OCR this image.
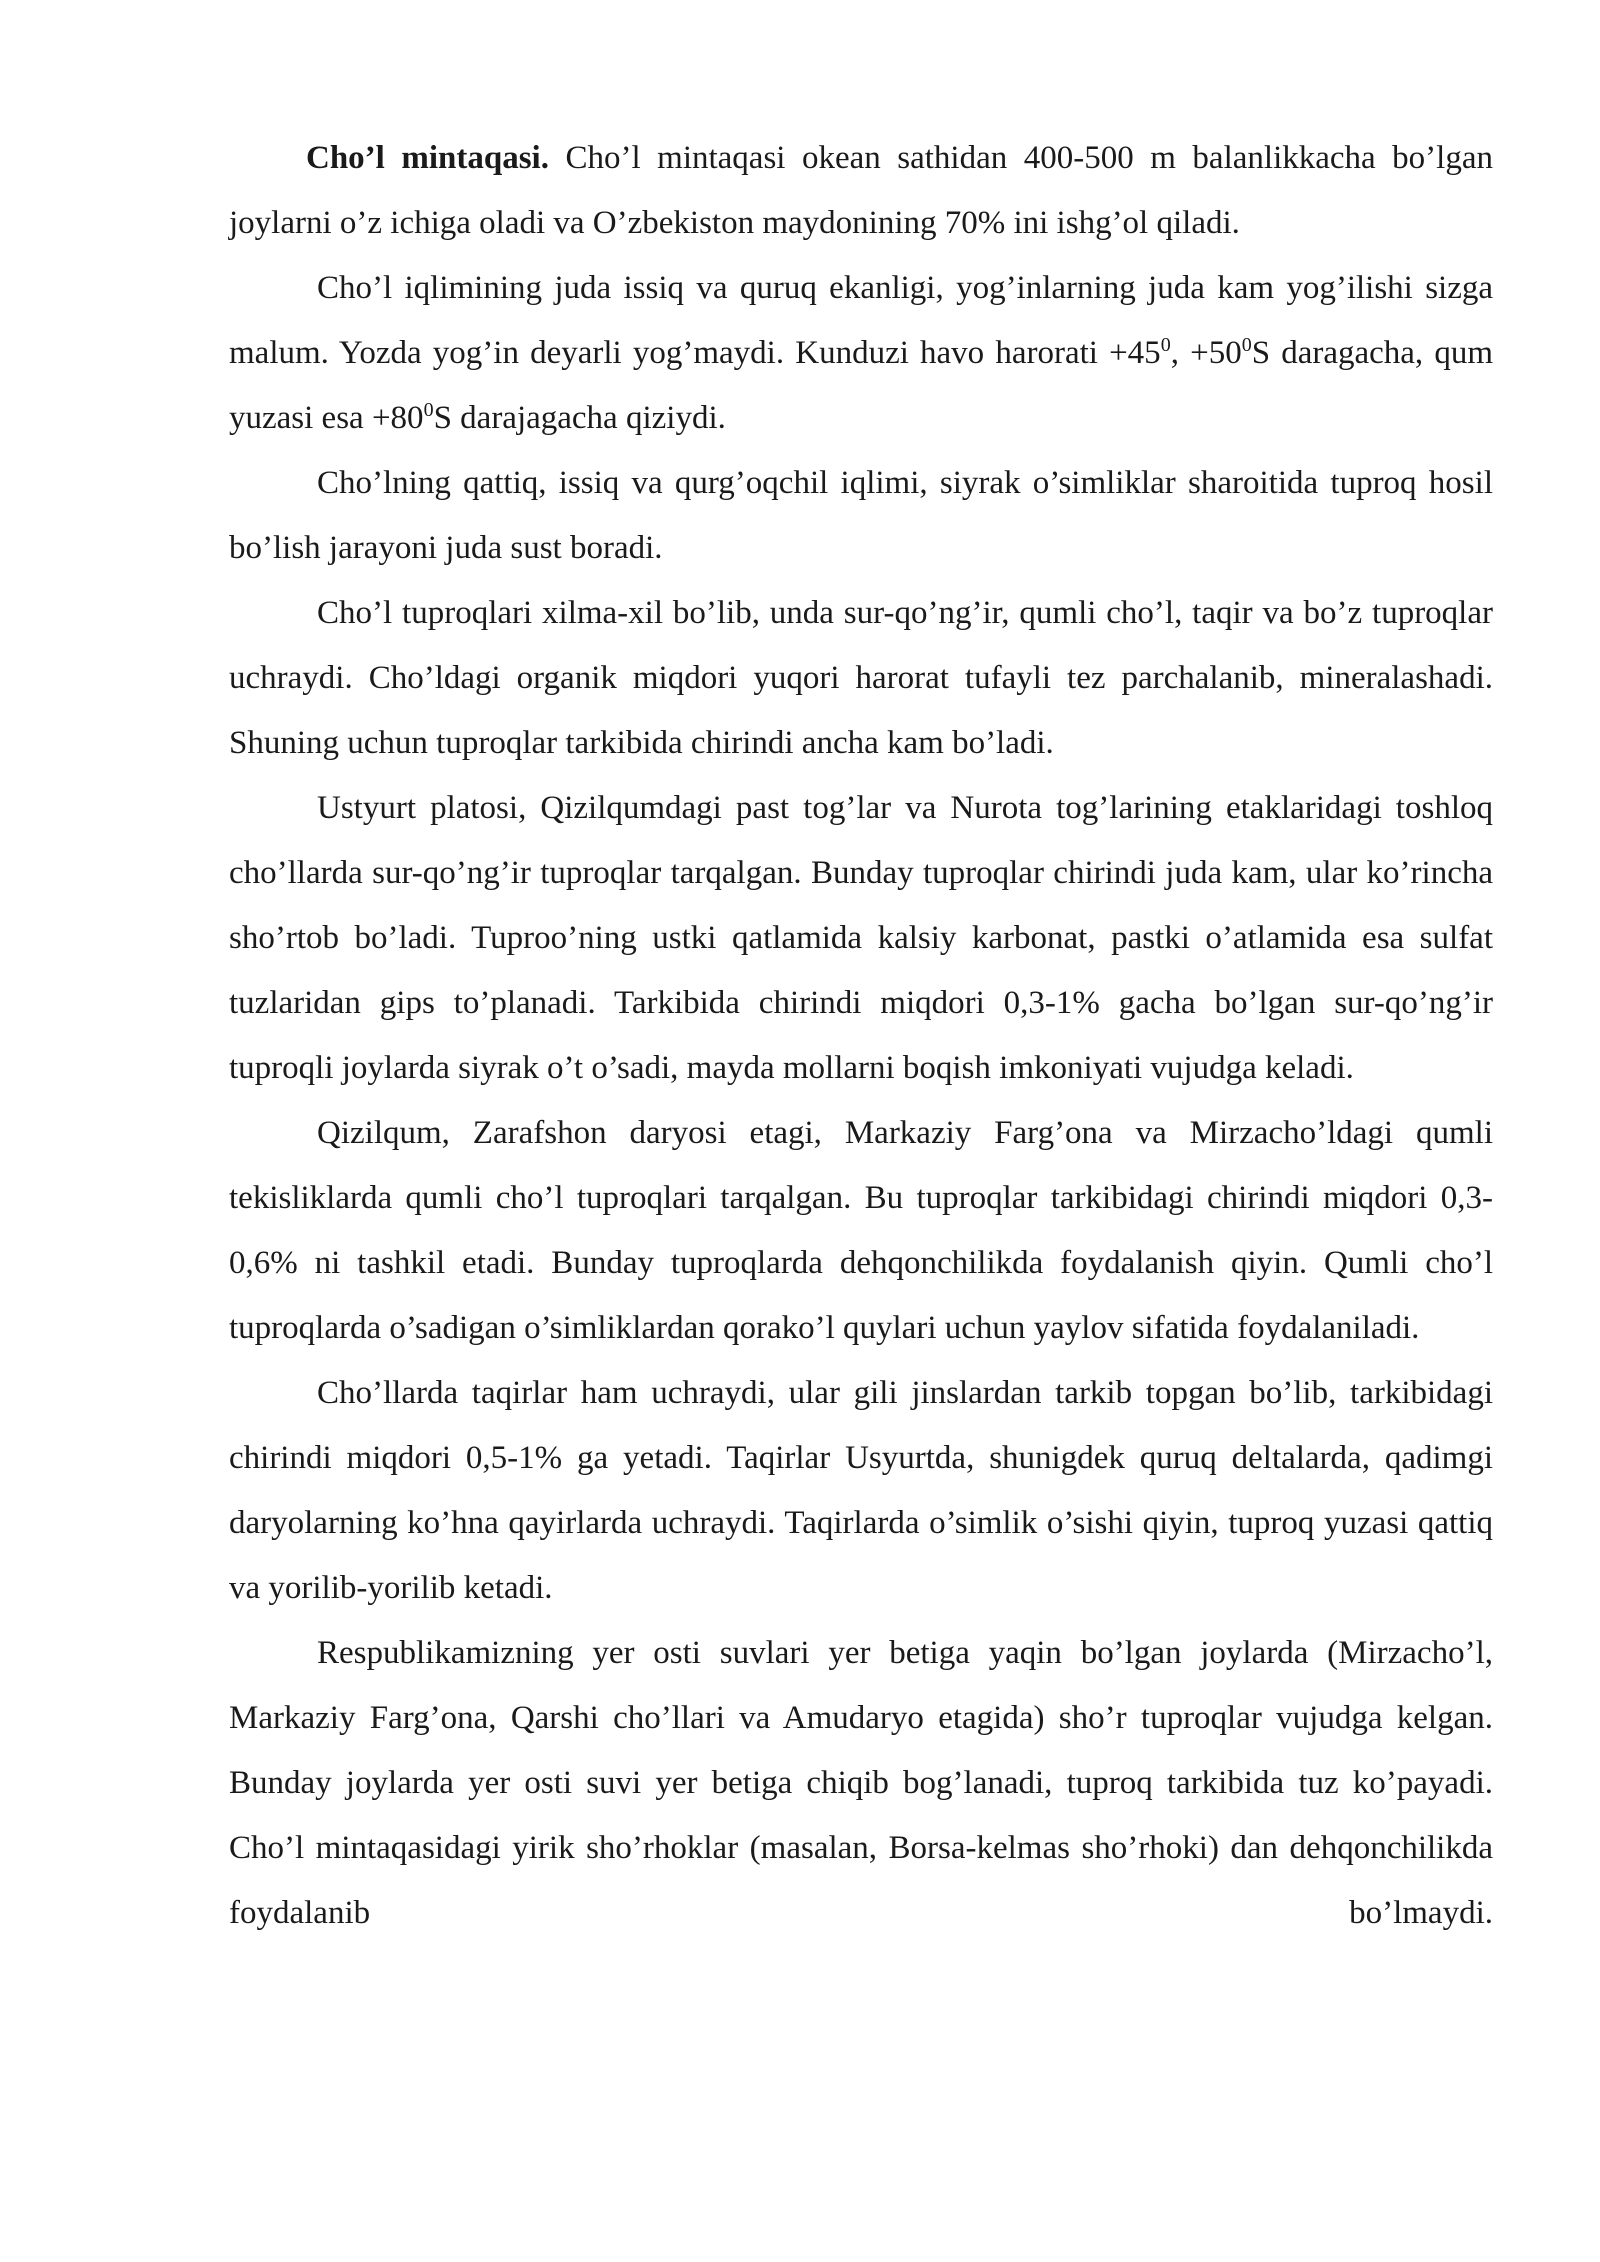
Cho’l mintaqasi. Cho’l mintaqasi okean sathidan 400-500 m balanlikkacha bo’lgan joylarni o’z ichiga oladi va O’zbekiston maydonining 70% ini ishg’ol qiladi.

Cho’l iqlimining juda issiq va quruq ekanligi, yog’inlarning juda kam yog’ilishi sizga malum. Yozda yog’in deyarli yog’maydi. Kunduzi havo harorati $+45^0$, $+50^0S$ daragacha, qum yuzasi esa $+80^0S$ darajagacha qiziydi.

Cho’lning qattiq, issiq va qurg’oqchil iqlimi, siyrak o’simliklar sharoitida tuproq hosil bo’lish jarayoni juda sust boradi.

Cho’l tuproqlari xilma-xil bo’lib, unda sur-qo’ng’ir, qumli cho’l, taqir va bo’z tuproqlar uchraydi. Cho’ldagi organik miqdori yuqori harorat tufayli tez parchalanib, mineralashadi. Shuning uchun tuproqlar tarkibida chirindi ancha kam bo’ladi.

Ustyurt platosi, Qizilqumdagi past tog’lar va Nurota tog’larining etaklaridagi toshloq cho’llarda sur-qo’ng’ir tuproqlar tarqalgan. Bunday tuproqlar chirindi juda kam, ular ko’rincha sho’rtob bo’ladi. Tuproo’ning ustki qatlamida kalsiy karbonat, pastki o’atlamida esa sulfat tuzlaridan gips to’planadi. Tarkibida chirindi miqdori 0,3-1% gacha bo’lgan sur-qo’ng’ir tuproqli joylarda siyrak o’t o’sadi, mayda mollarni boqish imkoniyati vujudga keladi.

Qizilqum, Zarafshon daryosi etagi, Markaziy Farg’ona va Mirzacho’ldagi qumli tekisliklarda qumli cho’l tuproqlari tarqalgan. Bu tuproqlar tarkibidagi chirindi miqdori 0,3-0,6% ni tashkil etadi. Bunday tuproqlarda dehqonchilikda foydalanish qiyin. Qumli cho’l tuproqlarda o’sadigan o’simliklardan qorako’l quylari uchun yaylov sifatida foydalaniladi.

Cho’llarda taqirlar ham uchraydi, ular gili jinslardan tarkib topgan bo’lib, tarkibidagi chirindi miqdori 0,5-1% ga yetadi. Taqirlar Usyurtda, shunigdek quruq deltalarda, qadimgi daryolarning ko’hna qayirlarda uchraydi. Taqirlarda o’simlik o’sishi qiyin, tuproq yuzasi qattiq va yorilib-yorilib ketadi.

Respublikamizning yer osti suvlari yer betiga yaqin bo’lgan joylarda (Mirzacho’l, Markaziy Farg’ona, Qarshi cho’llari va Amudaryo etagida) sho’r tuproqlar vujudga kelgan. Bunday joylarda yer osti suvi yer betiga chiqib bog’lanadi, tuproq tarkibida tuz ko’payadi. Cho’l mintaqasidagi yirik sho’rhoklar (masalan, Borsa-kelmas sho’rhoki) dan dehqonchilikda foydalanib bo’lmaydi.
